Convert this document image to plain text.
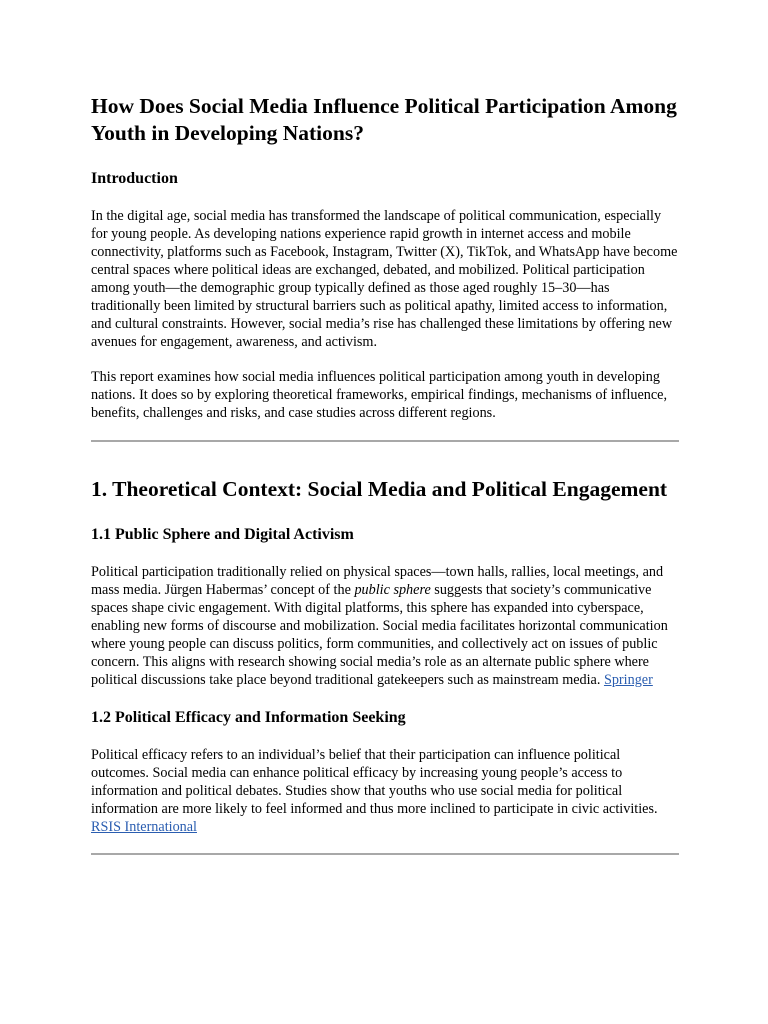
How Does Social Media Influence Political Participation Among Youth in Developing Nations?
Introduction

In the digital age, social media has transformed the landscape of political communication, especially for young people. As developing nations experience rapid growth in internet access and mobile connectivity, platforms such as Facebook, Instagram, Twitter (X), TikTok, and WhatsApp have become central spaces where political ideas are exchanged, debated, and mobilized. Political participation among youth—the demographic group typically defined as those aged roughly 15–30—has traditionally been limited by structural barriers such as political apathy, limited access to information, and cultural constraints. However, social media’s rise has challenged these limitations by offering new avenues for engagement, awareness, and activism.

This report examines how social media influences political participation among youth in developing nations. It does so by exploring theoretical frameworks, empirical findings, mechanisms of influence, benefits, challenges and risks, and case studies across different regions.

1. Theoretical Context: Social Media and Political Engagement
1.1 Public Sphere and Digital Activism

Political participation traditionally relied on physical spaces—town halls, rallies, local meetings, and mass media. Jürgen Habermas’ concept of the public sphere suggests that society’s communicative spaces shape civic engagement. With digital platforms, this sphere has expanded into cyberspace, enabling new forms of discourse and mobilization. Social media facilitates horizontal communication where young people can discuss politics, form communities, and collectively act on issues of public concern. This aligns with research showing social media’s role as an alternate public sphere where political discussions take place beyond traditional gatekeepers such as mainstream media. Springer

1.2 Political Efficacy and Information Seeking

Political efficacy refers to an individual’s belief that their participation can influence political outcomes. Social media can enhance political efficacy by increasing young people’s access to information and political debates. Studies show that youths who use social media for political information are more likely to feel informed and thus more inclined to participate in civic activities. RSIS International
